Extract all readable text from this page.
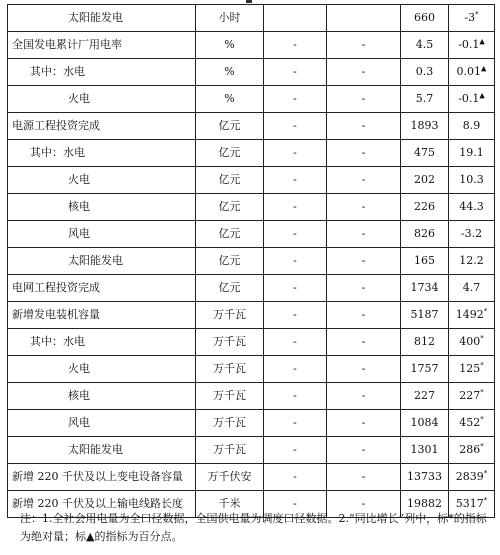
太阳能发电	小时			660	-3*
全国发电累计厂用电率	%	-	-	4.5	-0.1▲
其中：水电	%	-	-	0.3	0.01▲
火电	%	-	-	5.7	-0.1▲
电源工程投资完成	亿元	-	-	1893	8.9
其中：水电	亿元	-	-	475	19.1
火电	亿元	-	-	202	10.3
核电	亿元	-	-	226	44.3
风电	亿元	-	-	826	-3.2
太阳能发电	亿元	-	-	165	12.2
电网工程投资完成	亿元	-	-	1734	4.7
新增发电装机容量	万千瓦	-	-	5187	1492*
其中：水电	万千瓦	-	-	812	400*
火电	万千瓦	-	-	1757	125*
核电	万千瓦	-	-	227	227*
风电	万千瓦	-	-	1084	452*
太阳能发电	万千瓦	-	-	1301	286*
新增 220 千伏及以上变电设备容量	万千伏安	-	-	13733	2839*
新增 220 千伏及以上输电线路长度	千米	-	-	19882	5317*
注：1.全社会用电量为全口径数据，全国供电量为调度口径数据。2.“同比增长”列中，标*的指标为绝对量；标▲的指标为百分点。
